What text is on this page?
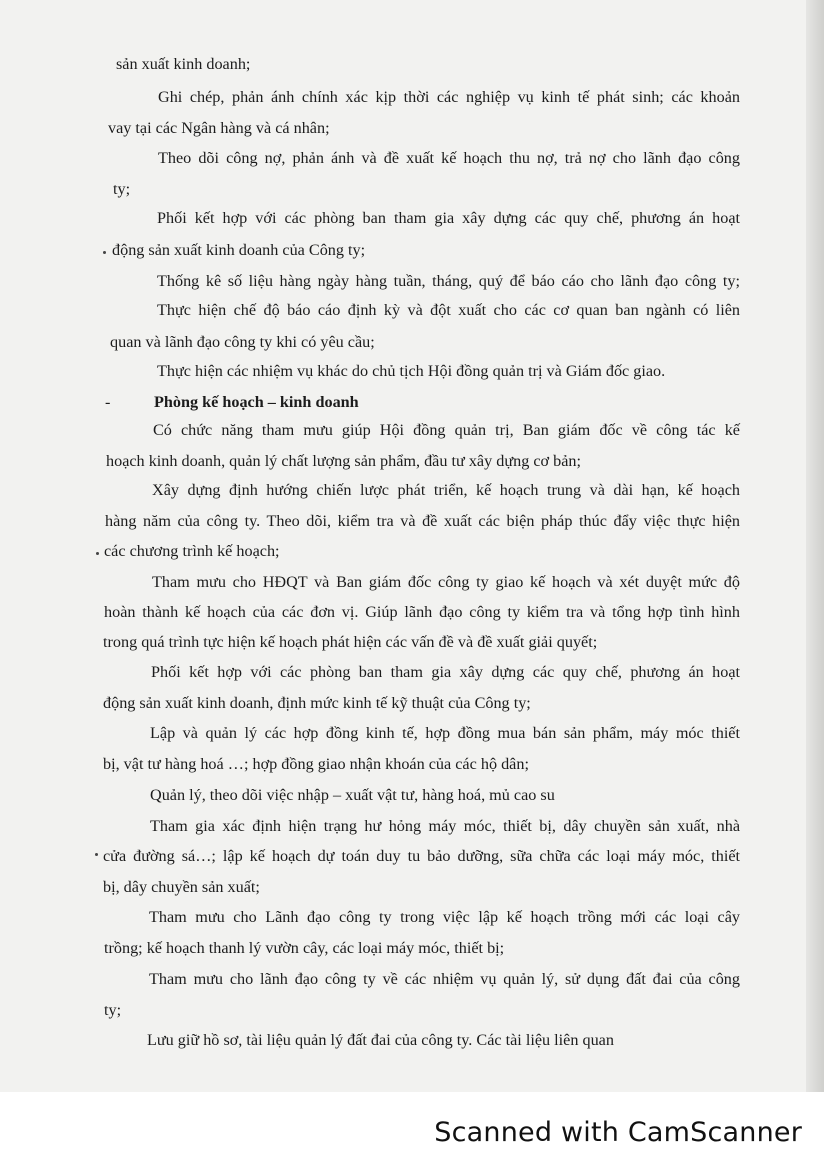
sản xuất kinh doanh;
Ghi chép, phản ánh chính xác kịp thời các nghiệp vụ kinh tế phát sinh; các khoản
vay tại các Ngân hàng và cá nhân;
Theo dõi công nợ, phản ánh và đề xuất kế hoạch thu nợ, trả nợ cho lãnh đạo công
ty;
Phối kết hợp với các phòng ban tham gia xây dựng các quy chế, phương án hoạt
động sản xuất kinh doanh của Công ty;
Thống kê số liệu hàng ngày hàng tuần, tháng, quý để báo cáo cho lãnh đạo công ty;
Thực hiện chế độ báo cáo định kỳ và đột xuất cho các cơ quan ban ngành có liên
quan và lãnh đạo công ty khi có yêu cầu;
Thực hiện các nhiệm vụ khác do chủ tịch Hội đồng quản trị và Giám đốc giao.
-	Phòng kế hoạch – kinh doanh
Có chức năng tham mưu giúp Hội đồng quản trị, Ban giám đốc về công tác kế
hoạch kinh doanh, quản lý chất lượng sản phẩm, đầu tư xây dựng cơ bản;
Xây dựng định hướng chiến lược phát triển, kế hoạch trung và dài hạn, kế hoạch
hàng năm của công ty. Theo dõi, kiểm tra và đề xuất các biện pháp thúc đẩy việc thực hiện
các chương trình kế hoạch;
Tham mưu cho HĐQT và Ban giám đốc công ty giao kế hoạch và xét duyệt mức độ
hoàn thành kế hoạch của các đơn vị. Giúp lãnh đạo công ty kiểm tra và tổng hợp tình hình
trong quá trình tực hiện kế hoạch phát hiện các vấn đề và đề xuất giải quyết;
Phối kết hợp với các phòng ban tham gia xây dựng các quy chế, phương án hoạt
động sản xuất kinh doanh, định mức kinh tế kỹ thuật của Công ty;
Lập và quản lý các hợp đồng kinh tế, hợp đồng mua bán sản phẩm, máy móc thiết
bị, vật tư hàng hoá …; hợp đồng giao nhận khoán của các hộ dân;
Quản lý, theo dõi việc nhập – xuất vật tư, hàng hoá, mủ cao su
Tham gia xác định hiện trạng hư hỏng máy móc, thiết bị, dây chuyền sản xuất, nhà
cửa đường sá…; lập kế hoạch dự toán duy tu bảo dưỡng, sữa chữa các loại máy móc, thiết
bị, dây chuyền sản xuất;
Tham mưu cho Lãnh đạo công ty trong việc lập kế hoạch trồng mới các loại cây
trồng; kế hoạch thanh lý vườn cây, các loại máy móc, thiết bị;
Tham mưu cho lãnh đạo công ty về các nhiệm vụ quản lý, sử dụng đất đai của công
ty;
Lưu giữ hồ sơ, tài liệu quản lý đất đai của công ty. Các tài liệu liên quan
Scanned with CamScanner
